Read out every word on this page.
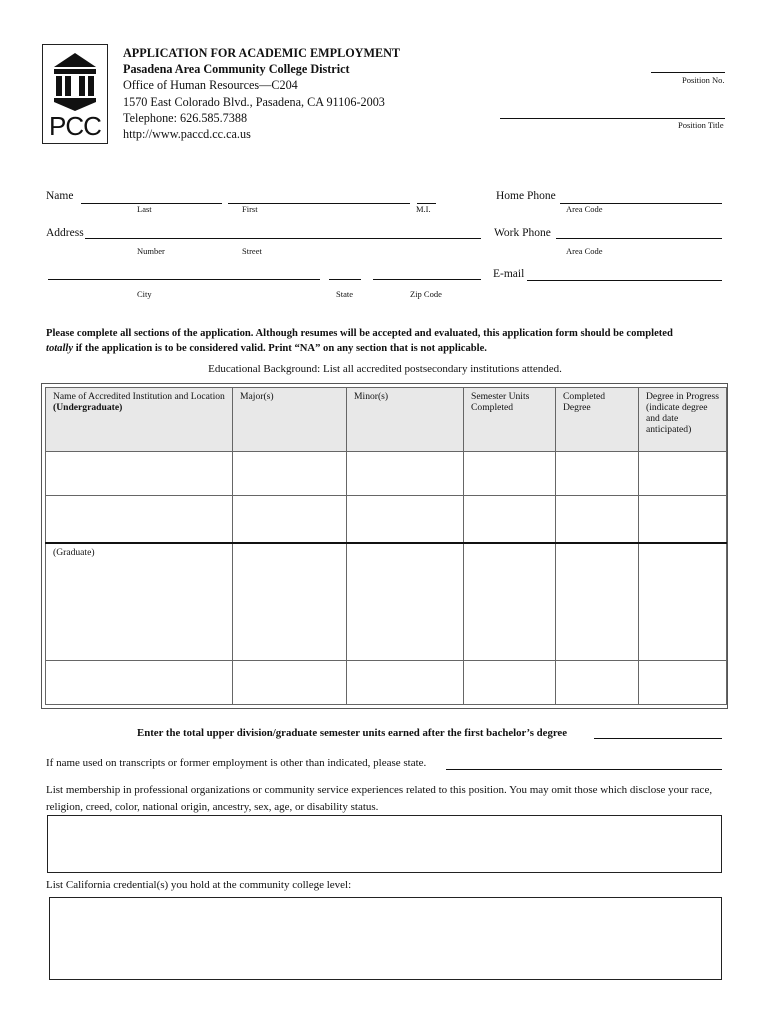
PCC
APPLICATION FOR ACADEMIC EMPLOYMENT
Pasadena Area Community College District
Office of Human Resources—C204
1570 East Colorado Blvd., Pasadena, CA 91106-2003
Telephone: 626.585.7388
http://www.paccd.cc.ca.us
Position No.
Position Title
Name
Last	First	M.I.
Home Phone
Area Code
Address
Number	Street
Work Phone
Area Code
City	State	Zip Code
E-mail
Please complete all sections of the application. Although resumes will be accepted and evaluated, this application form should be completed
totally if the application is to be considered valid. Print “NA” on any section that is not applicable.
Educational Background: List all accredited postsecondary institutions attended.
Name of Accredited Institution and Location
(Undergraduate)	Major(s)	Minor(s)	Semester Units Completed	Completed Degree	Degree in Progress (indicate degree and date anticipated)

(Graduate)					

Enter the total upper division/graduate semester units earned after the first bachelor’s degree
If name used on transcripts or former employment is other than indicated, please state.
List membership in professional organizations or community service experiences related to this position. You may omit those which disclose your race, religion, creed, color, national origin, ancestry, sex, age, or disability status.
List California credential(s) you hold at the community college level:
